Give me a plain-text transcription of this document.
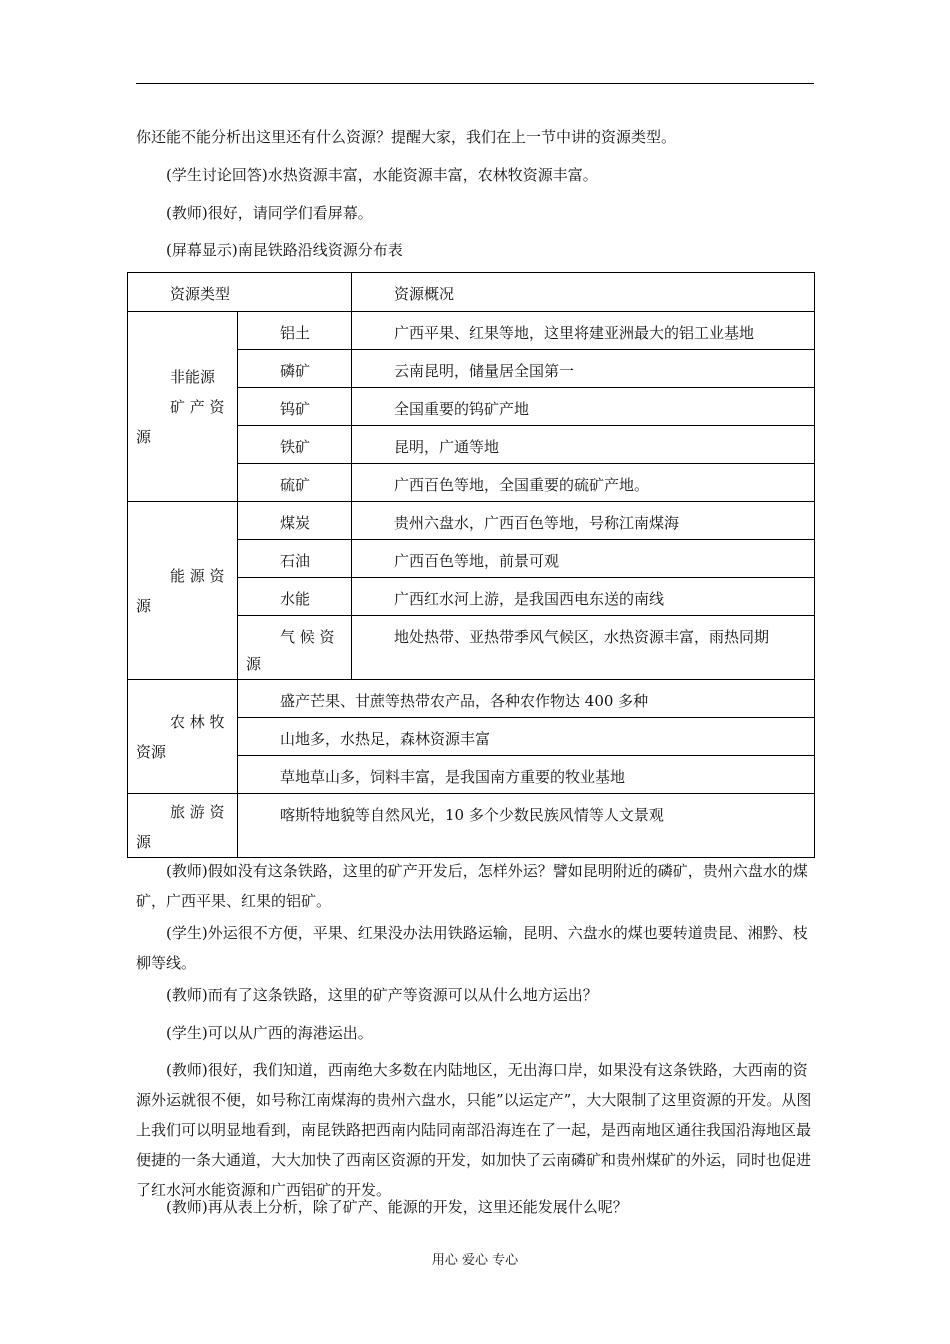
你还能不能分析出这里还有什么资源？提醒大家，我们在上一节中讲的资源类型。

(学生讨论回答)水热资源丰富，水能资源丰富，农林牧资源丰富。

(教师)很好，请同学们看屏幕。

(屏幕显示)南昆铁路沿线资源分布表

资源类型		资源概况

非能源
矿 产 资
源	铝土	广西平果、红果等地，这里将建亚洲最大的铝工业基地

	磷矿	云南昆明，储量居全国第一

	钨矿	全国重要的钨矿产地

	铁矿	昆明，广通等地

	硫矿	广西百色等地，全国重要的硫矿产地。

能 源 资
源	煤炭	贵州六盘水，广西百色等地，号称江南煤海

	石油	广西百色等地，前景可观

	水能	广西红水河上游，是我国西电东送的南线

	气 候 资
源	地处热带、亚热带季风气候区，水热资源丰富，雨热同期

农 林 牧
资源	盛产芒果、甘蔗等热带农产品，各种农作物达 400 多种	

	山地多，水热足，森林资源丰富	

	草地草山多，饲料丰富，是我国南方重要的牧业基地	

旅 游 资
源	喀斯特地貌等自然风光，10 多个少数民族风情等人文景观	

(教师)假如没有这条铁路，这里的矿产开发后，怎样外运？譬如昆明附近的磷矿，贵州六盘水的煤矿，广西平果、红果的铝矿。

(学生)外运很不方便，平果、红果没办法用铁路运输，昆明、六盘水的煤也要转道贵昆、湘黔、枝柳等线。

(教师)而有了这条铁路，这里的矿产等资源可以从什么地方运出？

(学生)可以从广西的海港运出。

(教师)很好，我们知道，西南绝大多数在内陆地区，无出海口岸，如果没有这条铁路，大西南的资源外运就很不便，如号称江南煤海的贵州六盘水，只能”以运定产”，大大限制了这里资源的开发。从图上我们可以明显地看到，南昆铁路把西南内陆同南部沿海连在了一起，是西南地区通往我国沿海地区最便捷的一条大通道，大大加快了西南区资源的开发，如加快了云南磷矿和贵州煤矿的外运，同时也促进了红水河水能资源和广西铝矿的开发。

(教师)再从表上分析，除了矿产、能源的开发，这里还能发展什么呢？

用心 爱心 专心
